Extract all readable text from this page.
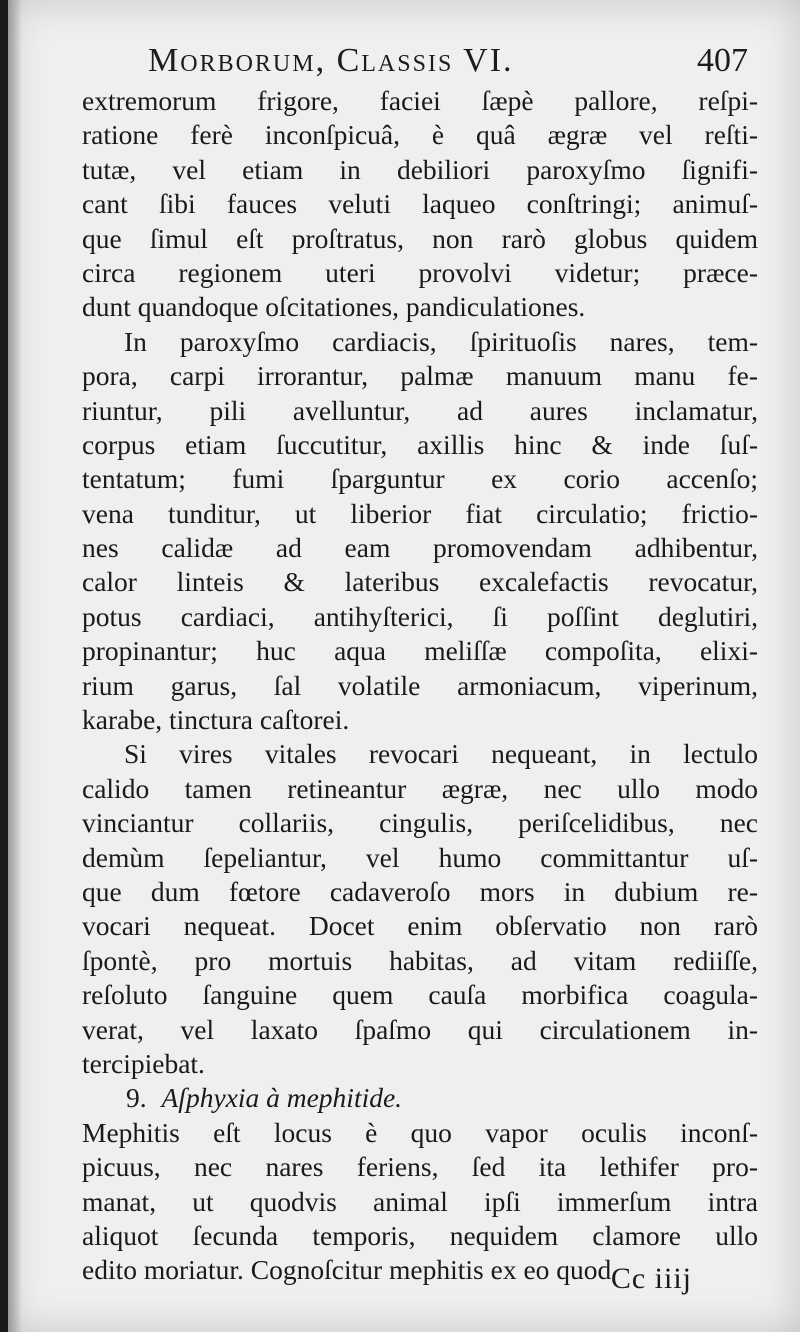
Morborum, Classis VI.	407
extremorum frigore, faciei ſæpè pallore, reſpi-
ratione ferè inconſpicuâ, è quâ ægræ vel reſti-
tutæ, vel etiam in debiliori paroxyſmo ſignifi-
cant ſibi fauces veluti laqueo conſtringi; animuſ-
que ſimul eſt proſtratus, non rarò globus quidem
circa regionem uteri provolvi videtur; præce-
dunt quandoque oſcitationes, pandiculationes.
In paroxyſmo cardiacis, ſpirituoſis nares, tem-
pora, carpi irrorantur, palmæ manuum manu fe-
riuntur, pili avelluntur, ad aures inclamatur,
corpus etiam ſuccutitur, axillis hinc & inde ſuſ-
tentatum; fumi ſparguntur ex corio accenſo;
vena tunditur, ut liberior fiat circulatio; frictio-
nes calidæ ad eam promovendam adhibentur,
calor linteis & lateribus excalefactis revocatur,
potus cardiaci, antihyſterici, ſi poſſint deglutiri,
propinantur; huc aqua meliſſæ compoſita, elixi-
rium garus, ſal volatile armoniacum, viperinum,
karabe, tinctura caſtorei.
Si vires vitales revocari nequeant, in lectulo
calido tamen retineantur ægræ, nec ullo modo
vinciantur collariis, cingulis, periſcelidibus, nec
demùm ſepeliantur, vel humo committantur uſ-
que dum fœtore cadaveroſo mors in dubium re-
vocari nequeat. Docet enim obſervatio non rarò
ſpontè, pro mortuis habitas, ad vitam rediiſſe,
reſoluto ſanguine quem cauſa morbifica coagula-
verat, vel laxato ſpaſmo qui circulationem in-
tercipiebat.
9. Aſphyxia à mephitide.
Mephitis eſt locus è quo vapor oculis inconſ-
picuus, nec nares feriens, ſed ita lethifer pro-
manat, ut quodvis animal ipſi immerſum intra
aliquot ſecunda temporis, nequidem clamore ullo
edito moriatur. Cognoſcitur mephitis ex eo quod Cc iiij
